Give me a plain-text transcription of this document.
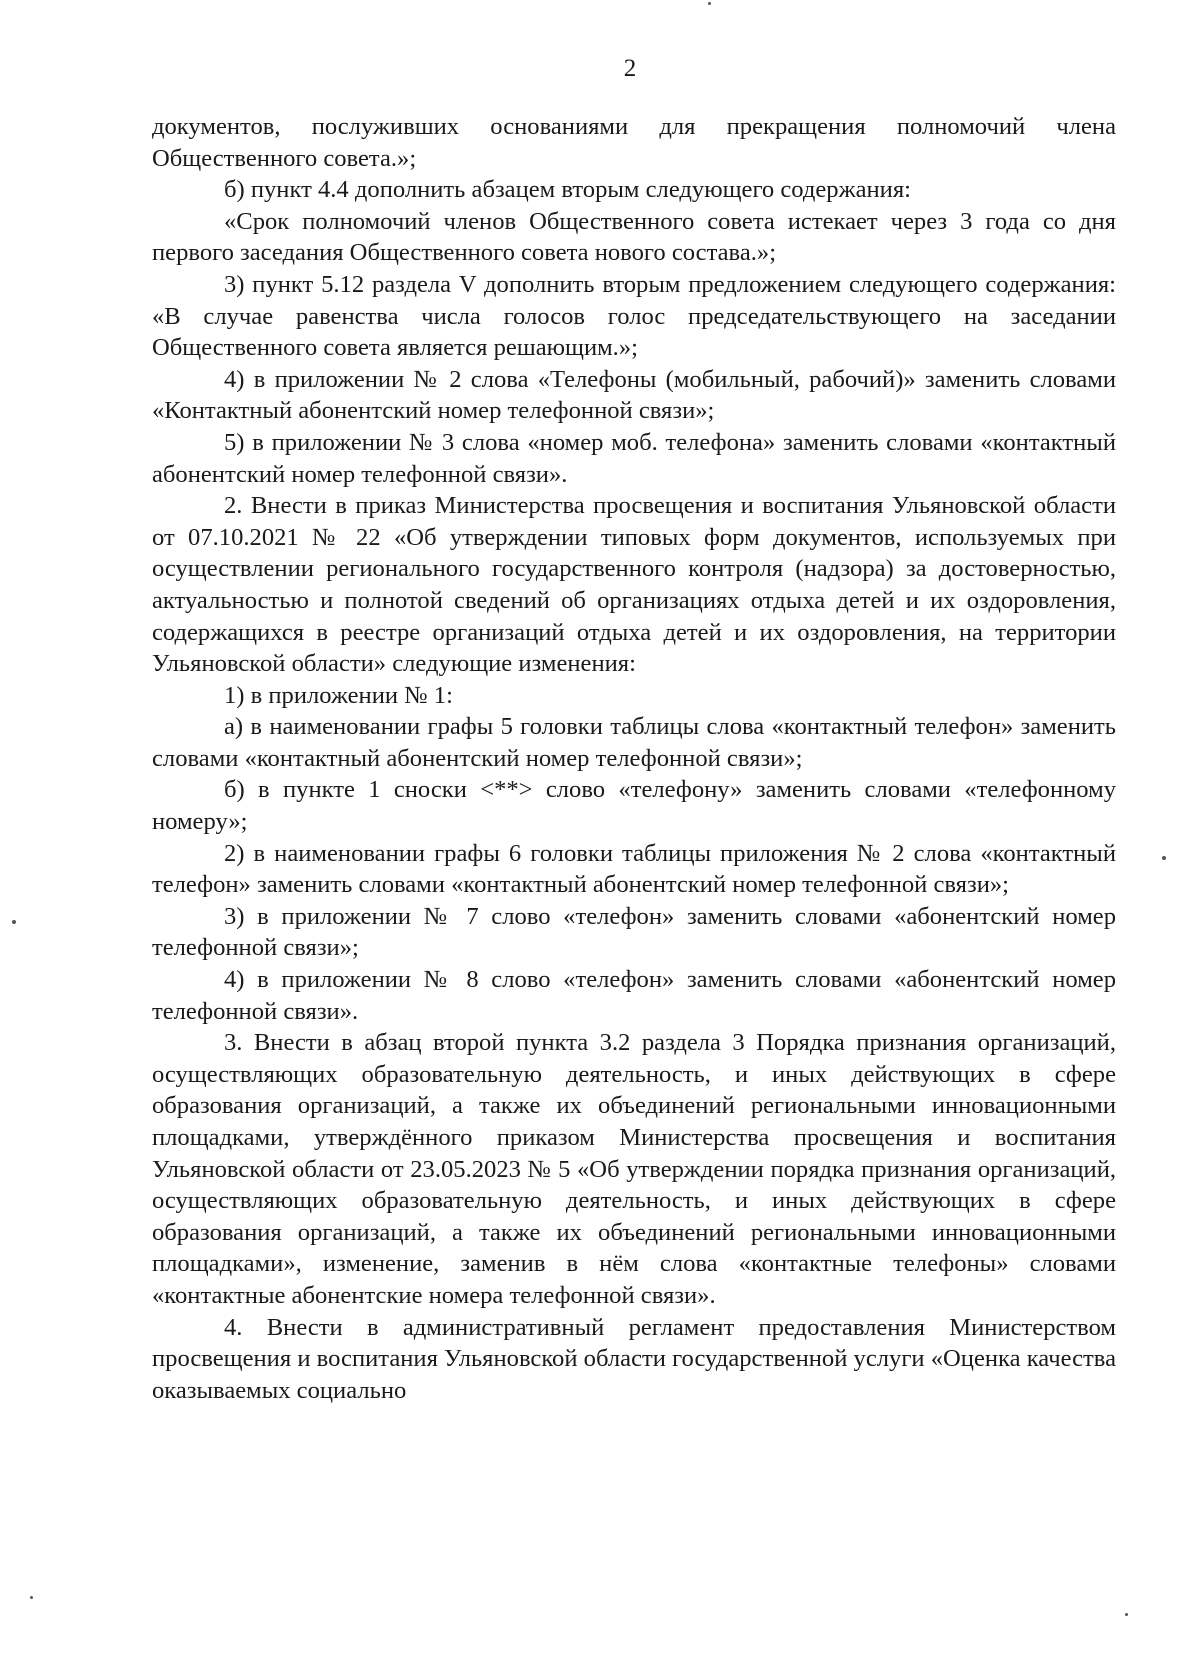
2

документов, послуживших основаниями для прекращения полномочий члена Общественного совета.»;

б) пункт 4.4 дополнить абзацем вторым следующего содержания:

«Срок полномочий членов Общественного совета истекает через 3 года со дня первого заседания Общественного совета нового состава.»;

3) пункт 5.12 раздела V дополнить вторым предложением следующего содержания: «В случае равенства числа голосов голос председательствующего на заседании Общественного совета является решающим.»;

4) в приложении № 2 слова «Телефоны (мобильный, рабочий)» заменить словами «Контактный абонентский номер телефонной связи»;

5) в приложении № 3 слова «номер моб. телефона» заменить словами «контактный абонентский номер телефонной связи».

2. Внести в приказ Министерства просвещения и воспитания Ульяновской области от 07.10.2021 № 22 «Об утверждении типовых форм документов, используемых при осуществлении регионального государственного контроля (надзора) за достоверностью, актуальностью и полнотой сведений об организациях отдыха детей и их оздоровления, содержащихся в реестре организаций отдыха детей и их оздоровления, на территории Ульяновской области» следующие изменения:

1) в приложении № 1:

а) в наименовании графы 5 головки таблицы слова «контактный телефон» заменить словами «контактный абонентский номер телефонной связи»;

б) в пункте 1 сноски <**> слово «телефону» заменить словами «телефонному номеру»;

2) в наименовании графы 6 головки таблицы приложения № 2 слова «контактный телефон» заменить словами «контактный абонентский номер телефонной связи»;

3) в приложении № 7 слово «телефон» заменить словами «абонентский номер телефонной связи»;

4) в приложении № 8 слово «телефон» заменить словами «абонентский номер телефонной связи».

3. Внести в абзац второй пункта 3.2 раздела 3 Порядка признания организаций, осуществляющих образовательную деятельность, и иных действующих в сфере образования организаций, а также их объединений региональными инновационными площадками, утверждённого приказом Министерства просвещения и воспитания Ульяновской области от 23.05.2023 № 5 «Об утверждении порядка признания организаций, осуществляющих образовательную деятельность, и иных действующих в сфере образования организаций, а также их объединений региональными инновационными площадками», изменение, заменив в нём слова «контактные телефоны» словами «контактные абонентские номера телефонной связи».

4. Внести в административный регламент предоставления Министерством просвещения и воспитания Ульяновской области государственной услуги «Оценка качества оказываемых социально
